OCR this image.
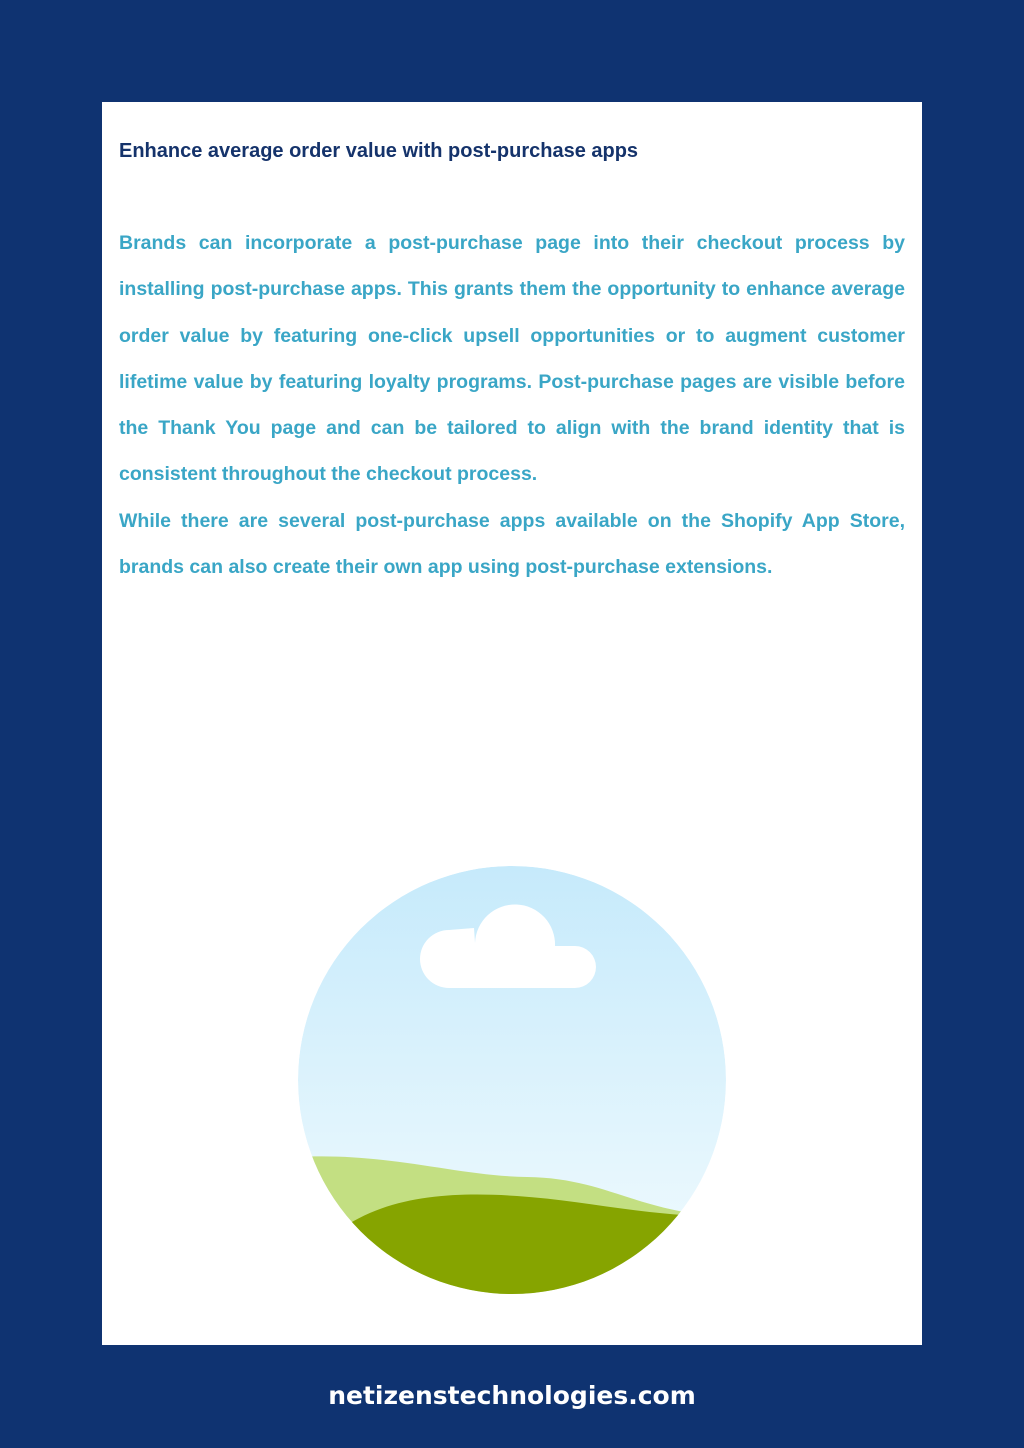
Enhance average order value with post-purchase apps

Brands can incorporate a post-purchase page into their checkout process by installing post-purchase apps. This grants them the opportunity to enhance average order value by featuring one-click upsell opportunities or to augment customer lifetime value by featuring loyalty programs. Post-purchase pages are visible before the Thank You page and can be tailored to align with the brand identity that is consistent throughout the checkout process.

While there are several post-purchase apps available on the Shopify App Store, brands can also create their own app using post-purchase extensions.

netizenstechnologies.com
